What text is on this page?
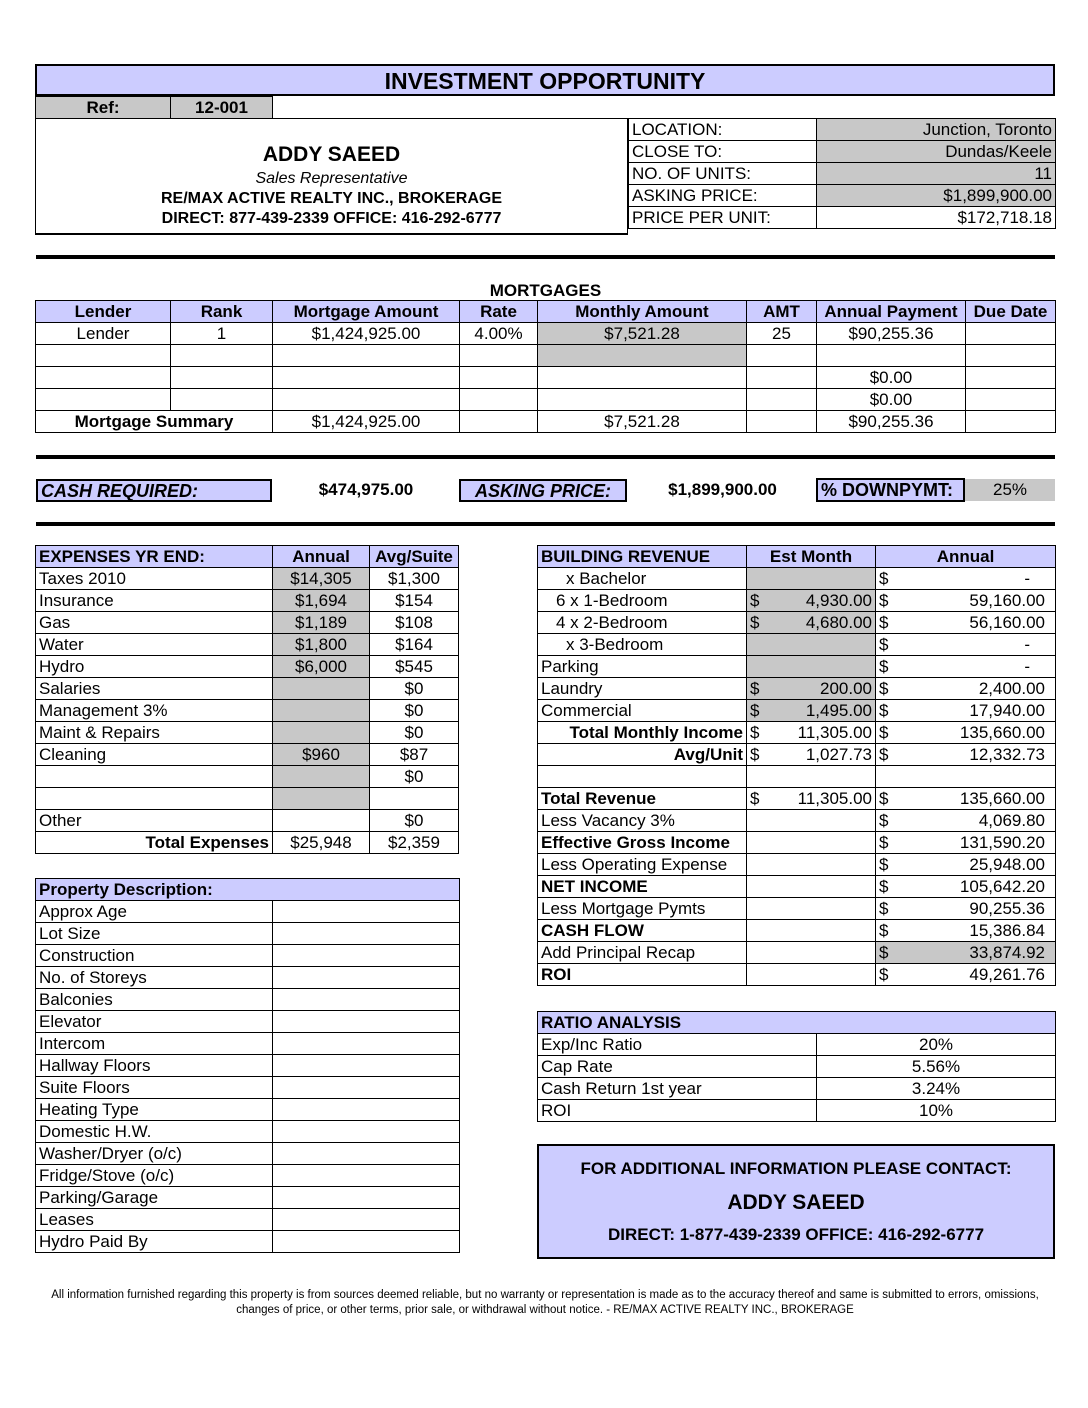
INVESTMENT OPPORTUNITY
Ref:	12-001
ADDY SAEED
Sales Representative
RE/MAX ACTIVE REALTY INC., BROKERAGE
DIRECT: 877-439-2339 OFFICE: 416-292-6777
LOCATION:	Junction, Toronto
CLOSE TO:	Dundas/Keele
NO. OF UNITS:	11
ASKING PRICE:	$1,899,900.00
PRICE PER UNIT:	$172,718.18
MORTGAGES
Lender	Rank	Mortgage Amount	Rate	Monthly Amount	AMT	Annual Payment	Due Date
Lender	1	$1,424,925.00	4.00%	$7,521.28	25	$90,255.36	

						$0.00	
						$0.00	
Mortgage Summary		$1,424,925.00		$7,521.28		$90,255.36	
CASH REQUIRED:	$474,975.00	ASKING PRICE:	$1,899,900.00	% DOWNPYMT:	25%
EXPENSES YR END:	Annual	Avg/Suite
Taxes 2010	$14,305	$1,300
Insurance	$1,694	$154
Gas	$1,189	$108
Water	$1,800	$164
Hydro	$6,000	$545
Salaries		$0
Management 3%		$0
Maint & Repairs		$0
Cleaning	$960	$87
		$0

Other		$0
Total Expenses	$25,948	$2,359
Property Description:	
Approx Age	
Lot Size	
Construction	
No. of Storeys	
Balconies	
Elevator	
Intercom	
Hallway Floors	
Suite Floors	
Heating Type	
Domestic H.W.	
Washer/Dryer (o/c)	
Fridge/Stove (o/c)	
Parking/Garage	
Leases	
Hydro Paid By	
BUILDING REVENUE	Est Month	Annual
x Bachelor		$ -
6 x 1-Bedroom	$ 4,930.00	$ 59,160.00
4 x 2-Bedroom	$ 4,680.00	$ 56,160.00
x 3-Bedroom		$ -
Parking		$ -
Laundry	$ 200.00	$ 2,400.00
Commercial	$ 1,495.00	$ 17,940.00
Total Monthly Income	$ 11,305.00	$ 135,660.00
Avg/Unit	$ 1,027.73	$ 12,332.73

Total Revenue	$ 11,305.00	$ 135,660.00
Less Vacancy 3%		$ 4,069.80
Effective Gross Income		$ 131,590.20
Less Operating Expense		$ 25,948.00
NET INCOME		$ 105,642.20
Less Mortgage Pymts		$ 90,255.36
CASH FLOW		$ 15,386.84
Add Principal Recap		$ 33,874.92
ROI		$ 49,261.76
RATIO ANALYSIS	
Exp/Inc Ratio	20%
Cap Rate	5.56%
Cash Return 1st year	3.24%
ROI	10%
FOR ADDITIONAL INFORMATION PLEASE CONTACT:
ADDY SAEED
DIRECT: 1-877-439-2339 OFFICE: 416-292-6777
All information furnished regarding this property is from sources deemed reliable, but no warranty or representation is made as to the accuracy thereof and same is submitted to errors, omissions, changes of price, or other terms, prior sale, or withdrawal without notice. - RE/MAX ACTIVE REALTY INC., BROKERAGE
